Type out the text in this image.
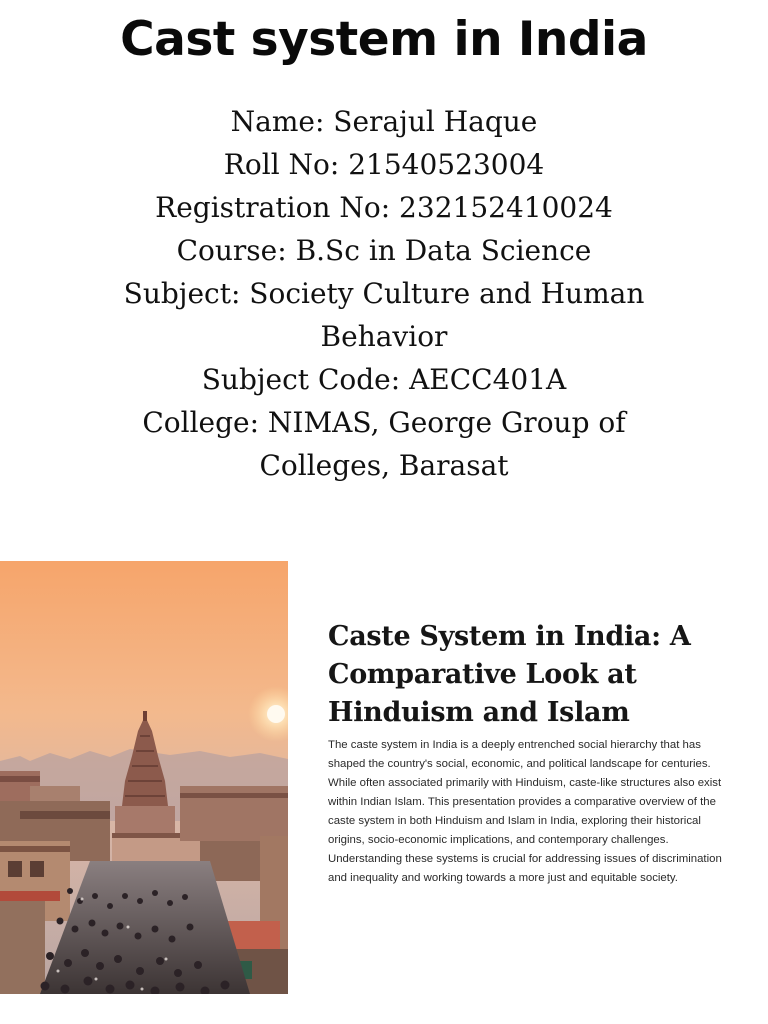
Cast system in India
Name: Serajul Haque
Roll No: 21540523004
Registration No: 232152410024
Course: B.Sc in Data Science
Subject: Society Culture and Human Behavior
Subject Code: AECC401A
College: NIMAS, George Group of Colleges, Barasat
Caste System in India: A Comparative Look at Hinduism and Islam

The caste system in India is a deeply entrenched social hierarchy that has shaped the country's social, economic, and political landscape for centuries. While often associated primarily with Hinduism, caste-like structures also exist within Indian Islam. This presentation provides a comparative overview of the caste system in both Hinduism and Islam in India, exploring their historical origins, socio-economic implications, and contemporary challenges. Understanding these systems is crucial for addressing issues of discrimination and inequality and working towards a more just and equitable society.
